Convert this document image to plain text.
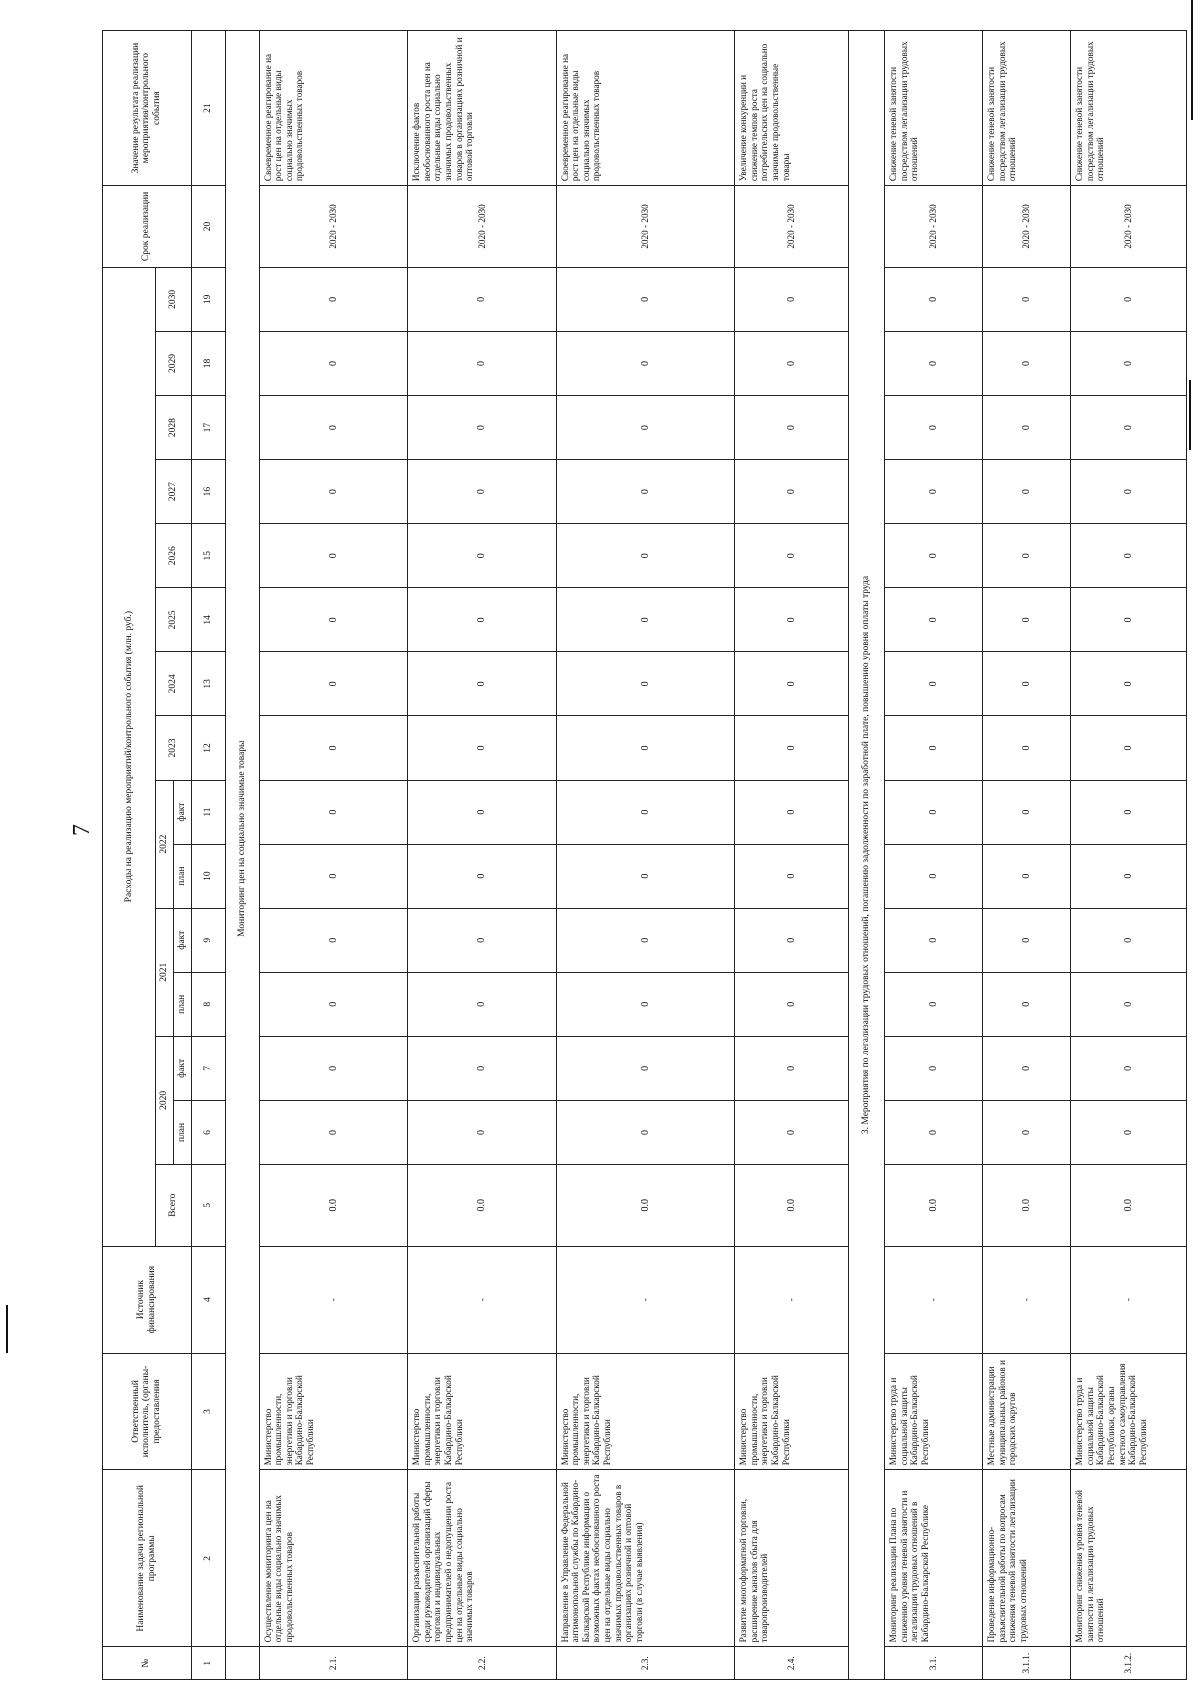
7
№	Наименование задачи региональной программы	Ответственный исполнитель, (органы-предоставления	Источник финансирования	Расходы на реализацию мероприятий/контрольного события (млн. руб.)															Срок реализации	Значение результата реализации мероприятия/контрольного события
				Всего	2020		2021		2022		2023	2024	2025	2026	2027	2028	2029	2030		
					план	факт	план	факт	план	факт										
1	2	3	4	5	6	7	8	9	10	11	12	13	14	15	16	17	18	19	20	21
	Мониторинг цен на социально значимые товары																			
2.1.	Осуществление мониторинга цен на отдельные виды социально значимых продовольственных товаров	Министерство промышленности, энергетики и торговли Кабардино-Балкарской Республики	-	0.0	0	0	0	0	0	0	0	0	0	0	0	0	0	0	2020 - 2030	Своевременное реагирование на рост цен на отдельные виды социально значимых продовольственных товаров
2.2.	Организация разъяснительной работы среди руководителей организаций сферы торговли и индивидуальных предпринимателей о недопущении роста цен на отдельные виды социально значимых товаров	Министерство промышленности, энергетики и торговли Кабардино-Балкарской Республики	-	0.0	0	0	0	0	0	0	0	0	0	0	0	0	0	0	2020 - 2030	Исключение фактов необоснованного роста цен на отдельные виды социально значимых продовольственных товаров в организациях розничной и оптовой торговли
2.3.	Направление в Управление Федеральной антимонопольной службы по Кабардино-Балкарской Республике информации о возможных фактах необоснованного роста цен на отдельные виды социально значимых продовольственных товаров в организациях розничной и оптовой торговли (в случае выявления)	Министерство промышленности, энергетики и торговли Кабардино-Балкарской Республики	-	0.0	0	0	0	0	0	0	0	0	0	0	0	0	0	0	2020 - 2030	Своевременное реагирование на рост цен на отдельные виды социально значимых продовольственных товаров
2.4.	Развитие многоформатной торговли, расширение каналов сбыта для товаропроизводителей	Министерство промышленности, энергетики и торговли Кабардино-Балкарской Республики	-	0.0	0	0	0	0	0	0	0	0	0	0	0	0	0	0	2020 - 2030	Увеличение конкуренции и снижение темпов роста потребительских цен на социально значимые продовольственные товары
3. Мероприятия по легализации трудовых отношений, погашению задолженности по заработной плате, повышению уровня оплаты труда																				
3.1.	Мониторинг реализации Плана по снижению уровня теневой занятости и легализации трудовых отношений в Кабардино-Балкарской Республике	Министерство труда и социальной защиты Кабардино-Балкарской Республики	-	0.0	0	0	0	0	0	0	0	0	0	0	0	0	0	0	2020 - 2030	Снижение теневой занятости посредством легализации трудовых отношений
3.1.1.	Проведение информационно-разъяснительной работы по вопросам снижения теневой занятости легализации трудовых отношений	Местные администрации муниципальных районов и городских округов	-	0.0	0	0	0	0	0	0	0	0	0	0	0	0	0	0	2020 - 2030	Снижение теневой занятости посредством легализации трудовых отношений
3.1.2.	Мониторинг снижения уровня теневой занятости и легализации трудовых отношений	Министерство труда и социальной защиты Кабардино-Балкарской Республики, органы местного самоуправления Кабардино-Балкарской Республики	-	0.0	0	0	0	0	0	0	0	0	0	0	0	0	0	0	2020 - 2030	Снижение теневой занятости посредством легализации трудовых отношений
